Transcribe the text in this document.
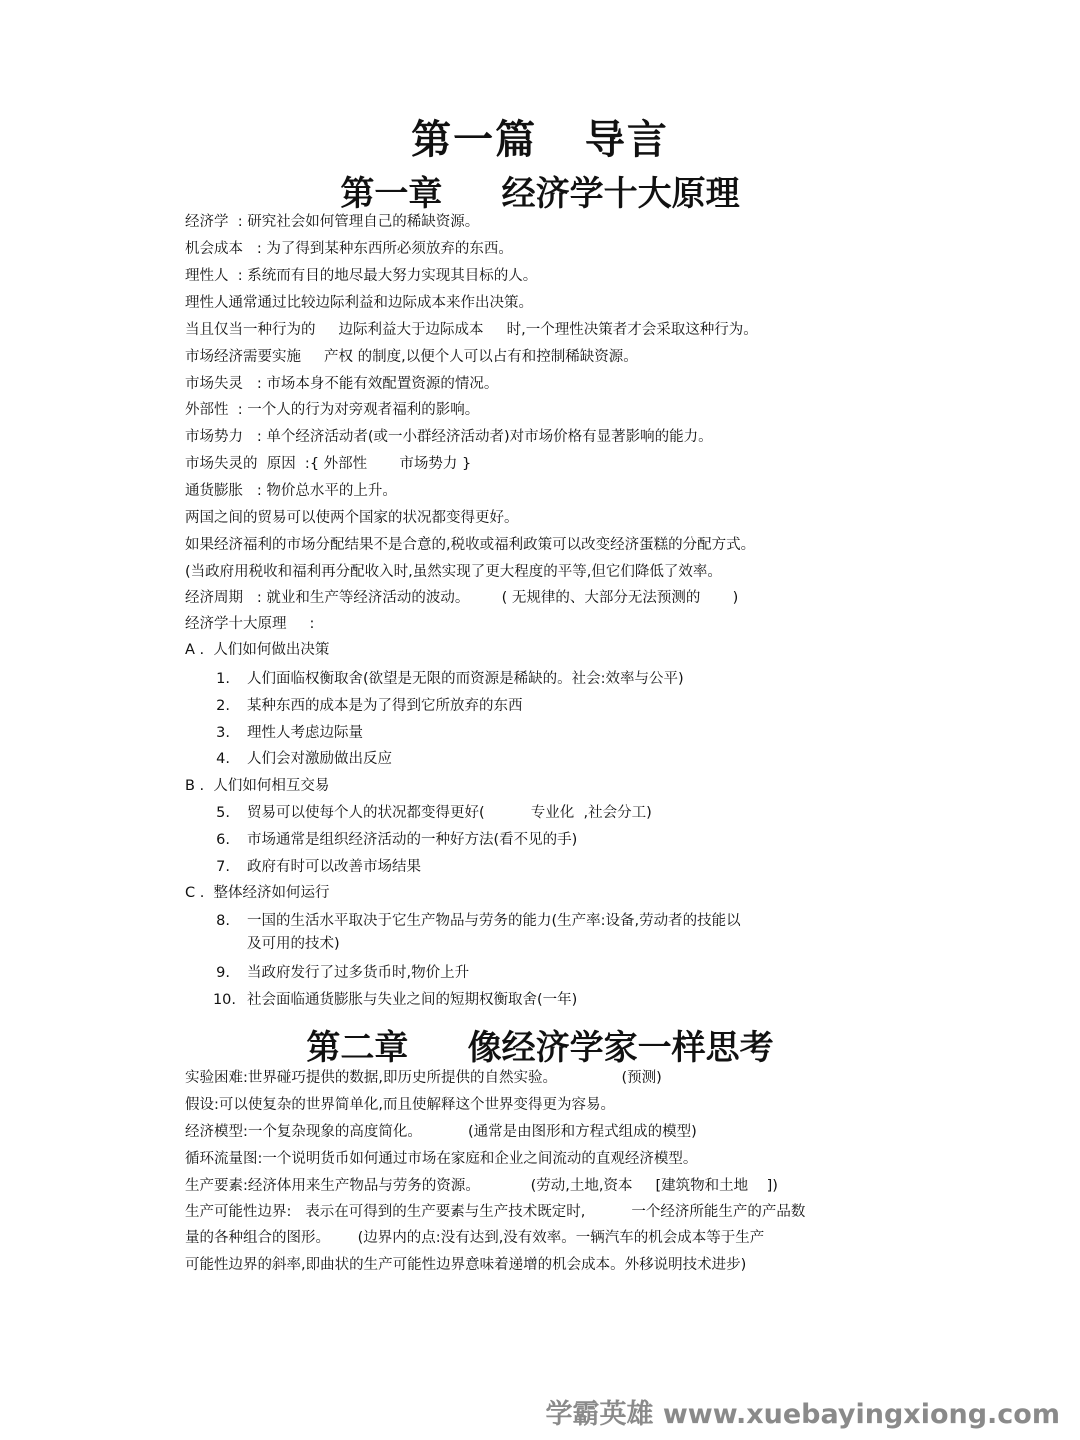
第一篇   导言
第一章     经济学十大原理
经济学  : 研究社会如何管理自己的稀缺资源。
机会成本   : 为了得到某种东西所必须放弃的东西。
理性人  : 系统而有目的地尽最大努力实现其目标的人。
理性人通常通过比较边际利益和边际成本来作出决策。
当且仅当一种行为的     边际利益大于边际成本     时,一个理性决策者才会采取这种行为。
市场经济需要实施     产权 的制度,以便个人可以占有和控制稀缺资源。
市场失灵   : 市场本身不能有效配置资源的情况。
外部性  : 一个人的行为对旁观者福利的影响。
市场势力   : 单个经济活动者(或一小群经济活动者)对市场价格有显著影响的能力。
市场失灵的  原因  :{ 外部性       市场势力 }
通货膨胀   : 物价总水平的上升。
两国之间的贸易可以使两个国家的状况都变得更好。
如果经济福利的市场分配结果不是合意的,税收或福利政策可以改变经济蛋糕的分配方式。
(当政府用税收和福利再分配收入时,虽然实现了更大程度的平等,但它们降低了效率。
经济周期   : 就业和生产等经济活动的波动。       ( 无规律的、大部分无法预测的       )
经济学十大原理     :
A .  人们如何做出决策
1. 人们面临权衡取舍(欲望是无限的而资源是稀缺的。社会:效率与公平)
2. 某种东西的成本是为了得到它所放弃的东西
3. 理性人考虑边际量
4. 人们会对激励做出反应
B .  人们如何相互交易
5. 贸易可以使每个人的状况都变得更好(          专业化  ,社会分工)
6. 市场通常是组织经济活动的一种好方法(看不见的手)
7. 政府有时可以改善市场结果
C .  整体经济如何运行
8. 一国的生活水平取决于它生产物品与劳务的能力(生产率:设备,劳动者的技能以
及可用的技术)
9. 当政府发行了过多货币时,物价上升
10. 社会面临通货膨胀与失业之间的短期权衡取舍(一年)
第二章     像经济学家一样思考
实验困难:世界碰巧提供的数据,即历史所提供的自然实验。              (预测)
假设:可以使复杂的世界简单化,而且使解释这个世界变得更为容易。
经济模型:一个复杂现象的高度简化。          (通常是由图形和方程式组成的模型)
循环流量图:一个说明货币如何通过市场在家庭和企业之间流动的直观经济模型。
生产要素:经济体用来生产物品与劳务的资源。           (劳动,土地,资本     [建筑物和土地    ])
生产可能性边界:   表示在可得到的生产要素与生产技术既定时,          一个经济所能生产的产品数
量的各种组合的图形。      (边界内的点:没有达到,没有效率。一辆汽车的机会成本等于生产
可能性边界的斜率,即曲状的生产可能性边界意味着递增的机会成本。外移说明技术进步)
学霸英雄 www.xuebayingxiong.com
